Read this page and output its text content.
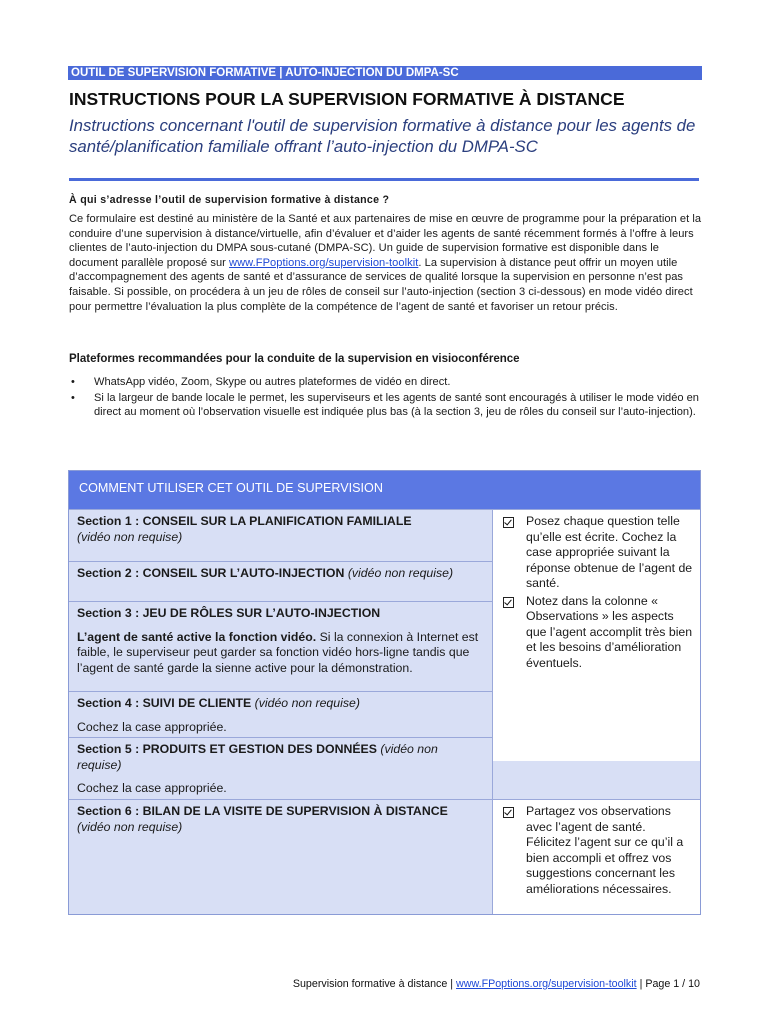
OUTIL DE SUPERVISION FORMATIVE | AUTO-INJECTION DU DMPA-SC
INSTRUCTIONS POUR LA SUPERVISION FORMATIVE À DISTANCE

Instructions concernant l'outil de supervision formative à distance pour les agents de santé/planification familiale offrant l’auto-injection du DMPA-SC

À qui s’adresse l’outil de supervision formative à distance ?

Ce formulaire est destiné au ministère de la Santé et aux partenaires de mise en œuvre de programme pour la préparation et la conduire d’une supervision à distance/virtuelle, afin d’évaluer et d’aider les agents de santé récemment formés à l’offre à leurs clientes de l’auto-injection du DMPA sous-cutané (DMPA-SC). Un guide de supervision formative est disponible dans le document parallèle proposé sur www.FPoptions.org/supervision-toolkit. La supervision à distance peut offrir un moyen utile d’accompagnement des agents de santé et d’assurance de services de qualité lorsque la supervision en personne n’est pas faisable. Si possible, on procédera à un jeu de rôles de conseil sur l’auto-injection (section 3 ci-dessous) en mode vidéo direct pour permettre l’évaluation la plus complète de la compétence de l’agent de santé et favoriser un retour précis.

Plateformes recommandées pour la conduite de la supervision en visioconférence

• WhatsApp vidéo, Zoom, Skype ou autres plateformes de vidéo en direct.
• Si la largeur de bande locale le permet, les superviseurs et les agents de santé sont encouragés à utiliser le mode vidéo en direct au moment où l’observation visuelle est indiquée plus bas (à la section 3, jeu de rôles du conseil sur l’auto-injection).
COMMENT UTILISER CET OUTIL DE SUPERVISION

Section 1 : CONSEIL SUR LA PLANIFICATION FAMILIALE
(vidéo non requise)

Section 2 : CONSEIL SUR L’AUTO-INJECTION (vidéo non requise)

Section 3 : JEU DE RÔLES SUR L’AUTO-INJECTION

L’agent de santé active la fonction vidéo. Si la connexion à Internet est faible, le superviseur peut garder sa fonction vidéo hors-ligne tandis que l’agent de santé garde la sienne active pour la démonstration.

Section 4 : SUIVI DE CLIENTE (vidéo non requise)

Cochez la case appropriée.

Section 5 : PRODUITS ET GESTION DES DONNÉES (vidéo non requise)

Cochez la case appropriée.

Section 6 : BILAN DE LA VISITE DE SUPERVISION À DISTANCE
(vidéo non requise)

Posez chaque question telle qu’elle est écrite. Cochez la case appropriée suivant la réponse obtenue de l’agent de santé.
Notez dans la colonne « Observations » les aspects que l’agent accomplit très bien et les besoins d’amélioration éventuels.
Partagez vos observations avec l’agent de santé. Félicitez l’agent sur ce qu’il a bien accompli et offrez vos suggestions concernant les améliorations nécessaires.
Supervision formative à distance | www.FPoptions.org/supervision-toolkit | Page 1 / 10
